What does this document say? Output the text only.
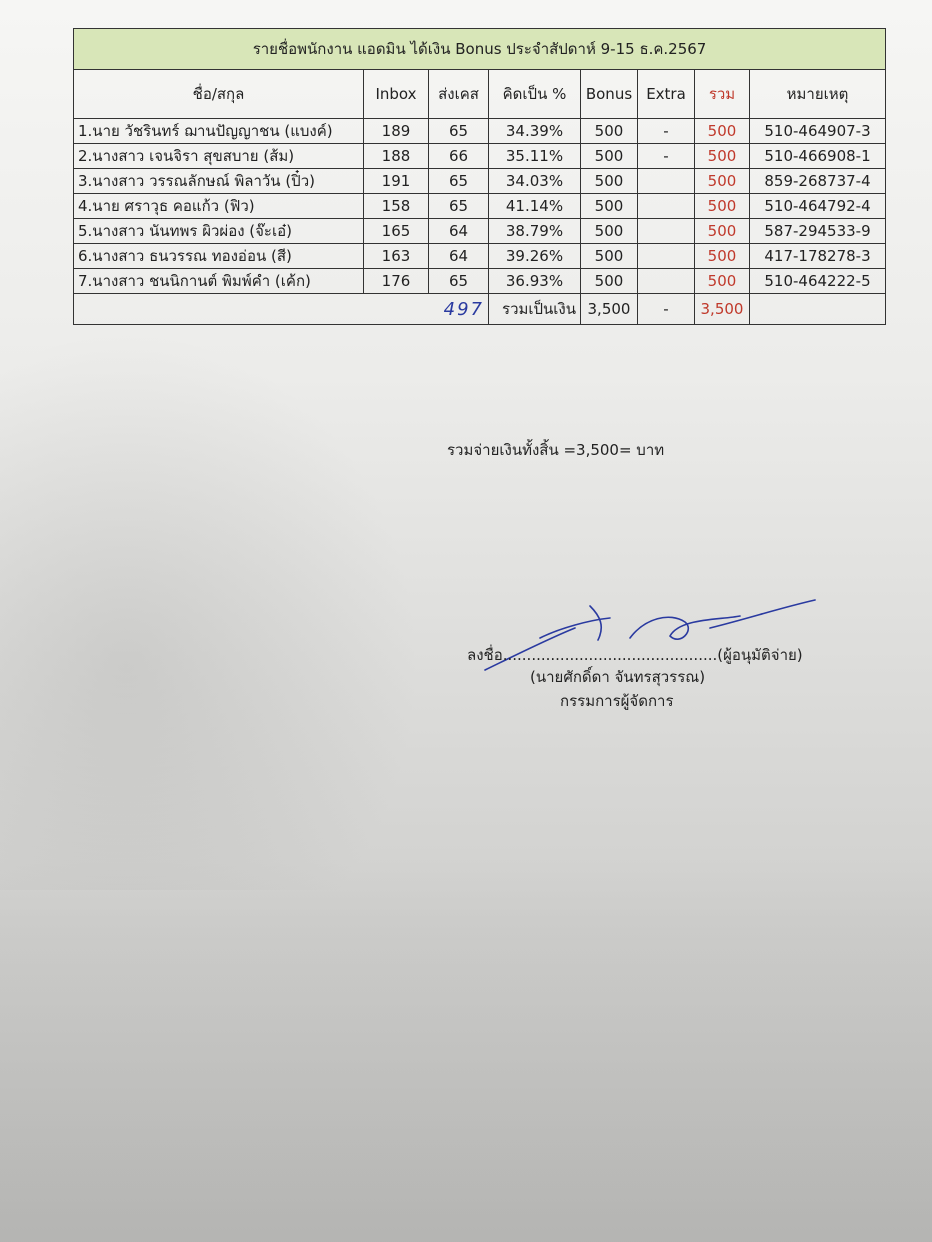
รายชื่อพนักงาน แอดมิน ได้เงิน Bonus ประจำสัปดาห์ 9-15 ธ.ค.2567							
ชื่อ/สกุล	Inbox	ส่งเคส	คิดเป็น %	Bonus	Extra	รวม	หมายเหตุ
1.นาย วัชรินทร์ ฌานปัญญาชน (แบงค์)	189	65	34.39%	500	-	500	510-464907-3
2.นางสาว เจนจิรา สุขสบาย (ส้ม)	188	66	35.11%	500	-	500	510-466908-1
3.นางสาว วรรณลักษณ์ พิลาวัน (ปิ๋ว)	191	65	34.03%	500		500	859-268737-4
4.นาย ศราวุธ คอแก้ว (ฟิว)	158	65	41.14%	500		500	510-464792-4
5.นางสาว นันทพร ผิวผ่อง (จ๊ะเอ๋)	165	64	38.79%	500		500	587-294533-9
6.นางสาว ธนวรรณ ทองอ่อน (สี)	163	64	39.26%	500		500	417-178278-3
7.นางสาว ชนนิกานต์ พิมพ์คำ (เค้ก)	176	65	36.93%	500		500	510-464222-5
497			รวมเป็นเงิน	3,500	-	3,500	
รวมจ่ายเงินทั้งสิ้น =3,500= บาท
ลงชื่อ.............................................(ผู้อนุมัติจ่าย)
(นายศักดิ์ดา จันทรสุวรรณ)
กรรมการผู้จัดการ
